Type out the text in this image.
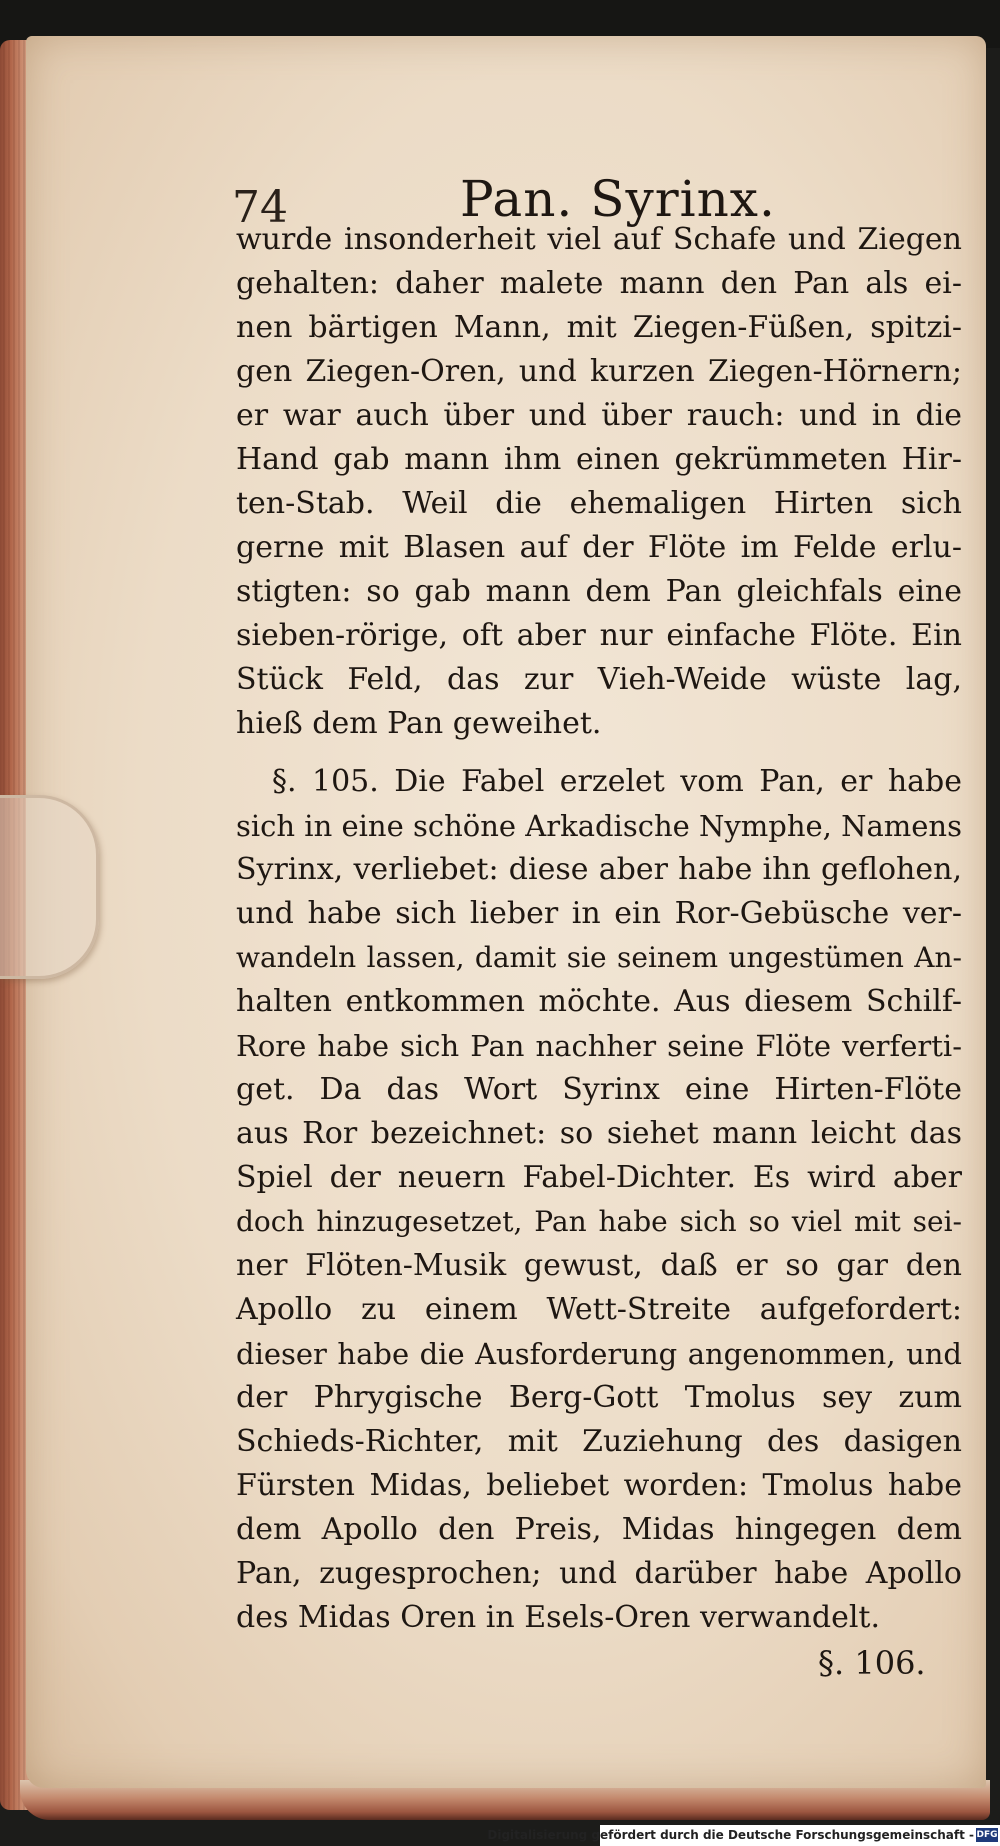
74	Pan. Syrinx.
wurde insonderheit viel auf Schafe und Ziegen
gehalten: daher malete mann den Pan als ei-
nen bärtigen Mann, mit Ziegen-Füßen, spitzi-
gen Ziegen-Oren, und kurzen Ziegen-Hörnern;
er war auch über und über rauch: und in die
Hand gab mann ihm einen gekrümmeten Hir-
ten-Stab. Weil die ehemaligen Hirten sich
gerne mit Blasen auf der Flöte im Felde erlu-
stigten: so gab mann dem Pan gleichfals eine
sieben-rörige, oft aber nur einfache Flöte. Ein
Stück Feld, das zur Vieh-Weide wüste lag,
hieß dem Pan geweihet.
§. 105. Die Fabel erzelet vom Pan, er habe
sich in eine schöne Arkadische Nymphe, Namens
Syrinx, verliebet: diese aber habe ihn geflohen,
und habe sich lieber in ein Ror-Gebüsche ver-
wandeln lassen, damit sie seinem ungestümen An-
halten entkommen möchte. Aus diesem Schilf-
Rore habe sich Pan nachher seine Flöte verferti-
get. Da das Wort Syrinx eine Hirten-Flöte
aus Ror bezeichnet: so siehet mann leicht das
Spiel der neuern Fabel-Dichter. Es wird aber
doch hinzugesetzet, Pan habe sich so viel mit sei-
ner Flöten-Musik gewust, daß er so gar den
Apollo zu einem Wett-Streite aufgefordert:
dieser habe die Ausforderung angenommen, und
der Phrygische Berg-Gott Tmolus sey zum
Schieds-Richter, mit Zuziehung des dasigen
Fürsten Midas, beliebet worden: Tmolus habe
dem Apollo den Preis, Midas hingegen dem
Pan, zugesprochen; und darüber habe Apollo
des Midas Oren in Esels-Oren verwandelt.
§. 106.
Digitalisierung gefördert durch die Deutsche Forschungsgemeinschaft - DFG
